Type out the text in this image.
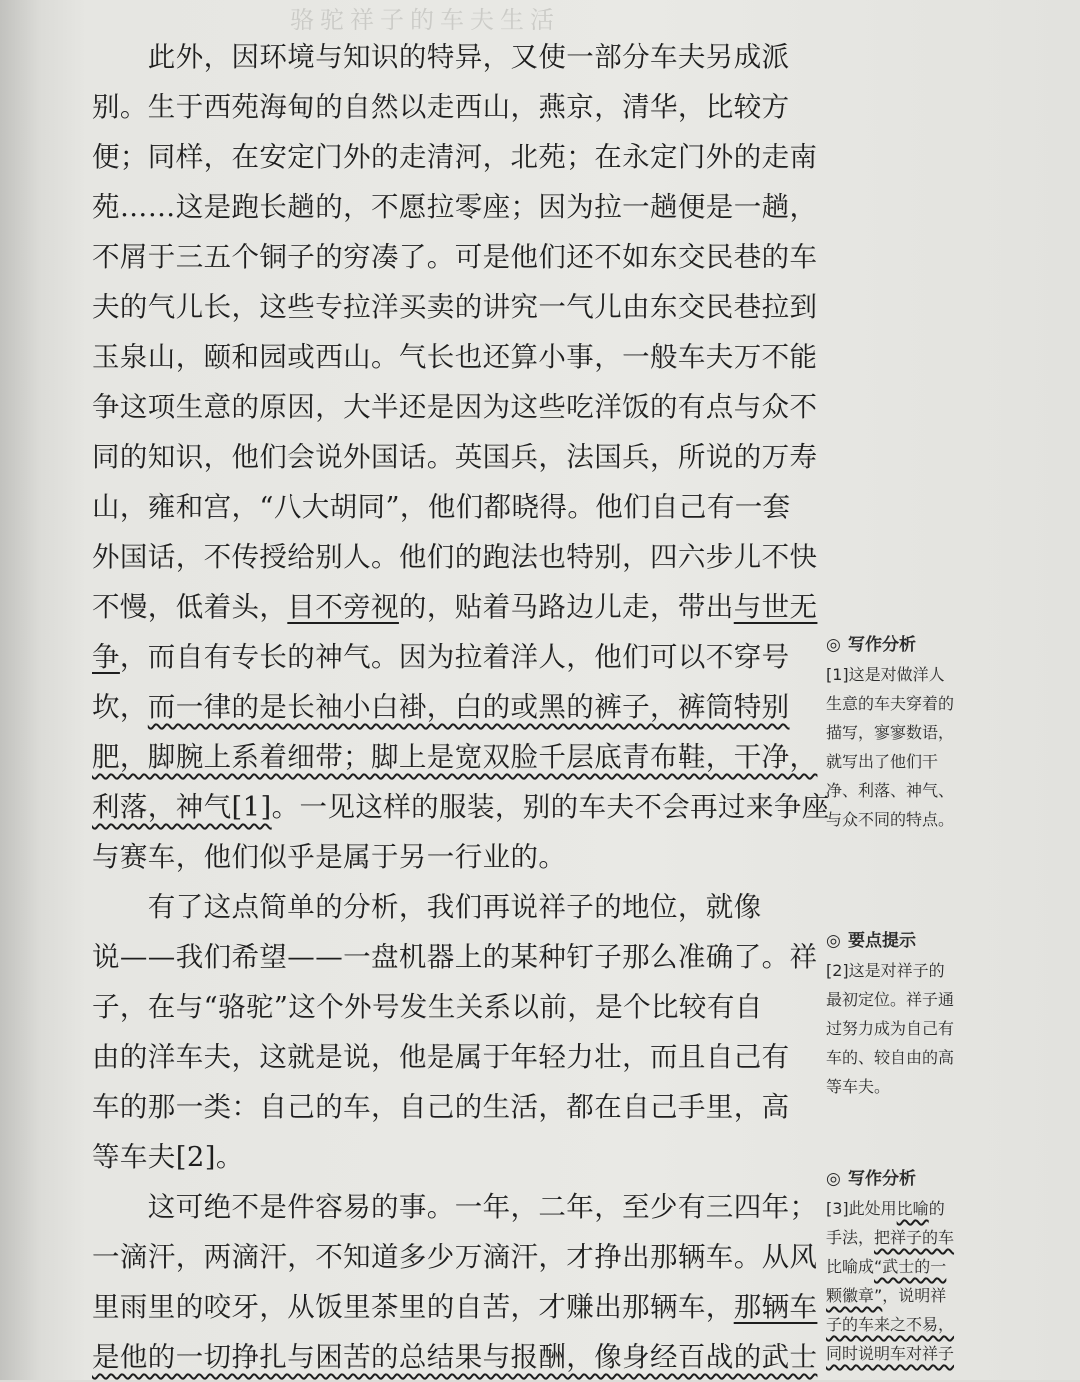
骆驼祥子的车夫生活
　　此外，因环境与知识的特异，又使一部分车夫另成派
别。生于西苑海甸的自然以走西山，燕京，清华，比较方
便；同样，在安定门外的走清河，北苑；在永定门外的走南
苑……这是跑长趟的，不愿拉零座；因为拉一趟便是一趟，
不屑于三五个铜子的穷凑了。可是他们还不如东交民巷的车
夫的气儿长，这些专拉洋买卖的讲究一气儿由东交民巷拉到
玉泉山，颐和园或西山。气长也还算小事，一般车夫万不能
争这项生意的原因，大半还是因为这些吃洋饭的有点与众不
同的知识，他们会说外国话。英国兵，法国兵，所说的万寿
山，雍和宫，“八大胡同”，他们都晓得。他们自己有一套
外国话，不传授给别人。他们的跑法也特别，四六步儿不快
不慢，低着头，目不旁视的，贴着马路边儿走，带出与世无
争，而自有专长的神气。因为拉着洋人，他们可以不穿号
坎，而一律的是长袖小白褂，白的或黑的裤子，裤筒特别
肥，脚腕上系着细带；脚上是宽双脸千层底青布鞋，干净，
利落，神气[1]。一见这样的服装，别的车夫不会再过来争座
与赛车，他们似乎是属于另一行业的。
　　有了这点简单的分析，我们再说祥子的地位，就像
说——我们希望——一盘机器上的某种钉子那么准确了。祥
子，在与“骆驼”这个外号发生关系以前，是个比较有自
由的洋车夫，这就是说，他是属于年轻力壮，而且自己有
车的那一类：自己的车，自己的生活，都在自己手里，高
等车夫[2]。
　　这可绝不是件容易的事。一年，二年，至少有三四年；
一滴汗，两滴汗，不知道多少万滴汗，才挣出那辆车。从风
里雨里的咬牙，从饭里茶里的自苦，才赚出那辆车，那辆车
是他的一切挣扎与困苦的总结果与报酬，像身经百战的武士
◎ 写作分析
[1]这是对做洋人
生意的车夫穿着的
描写，寥寥数语，
就写出了他们干
净、利落、神气、
与众不同的特点。
◎ 要点提示
[2]这是对祥子的
最初定位。祥子通
过努力成为自己有
车的、较自由的高
等车夫。
◎ 写作分析
[3]此处用比喻的
手法，把祥子的车
比喻成“武士的一
颗徽章”，说明祥
子的车来之不易，
同时说明车对祥子
